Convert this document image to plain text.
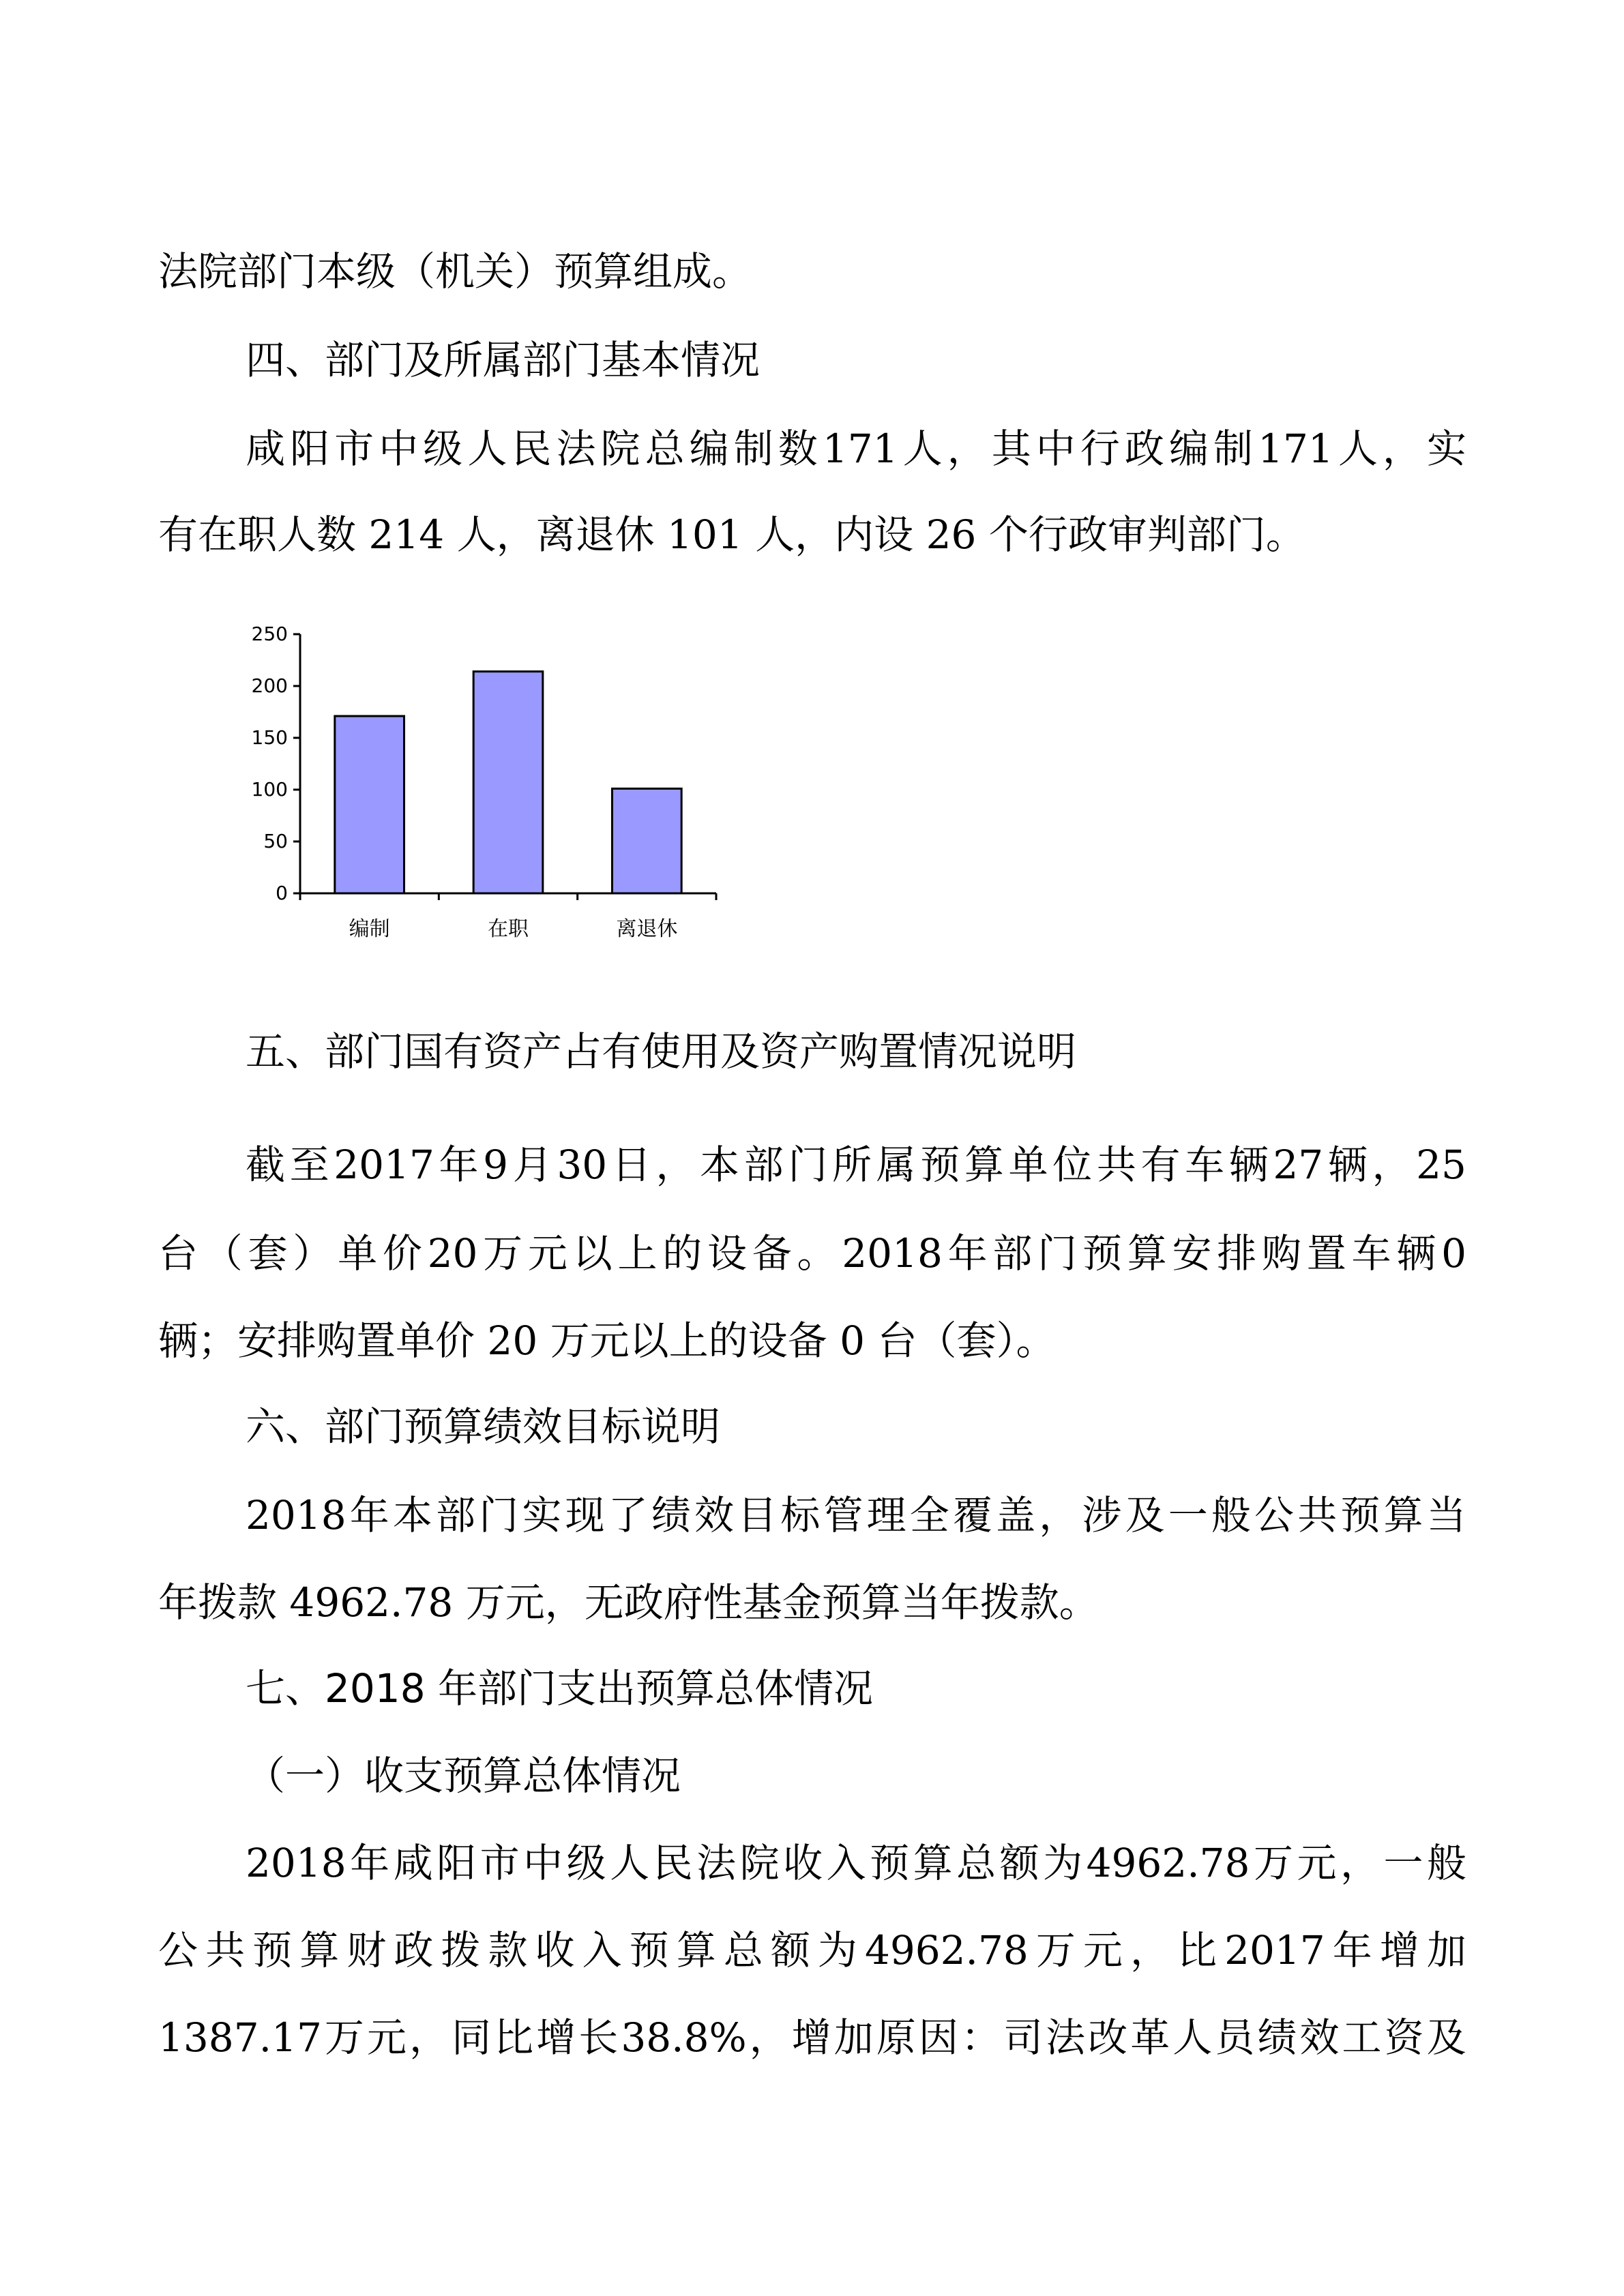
法院部门本级（机关）预算组成。
四、部门及所属部门基本情况
咸 阳 市 中 级 人 民 法 院 总 编 制 数 171 人 ， 其 中 行 政 编 制 171 人 ， 实
有在职人数 214 人，离退休 101 人，内设 26 个行政审判部门。
0
50
100
150
200
250
编制	在职	离退休
五、部门国有资产占有使用及资产购置情况说明
截 至 2017 年 9 月 30 日 ， 本 部 门 所 属 预 算 单 位 共 有 车 辆 27 辆 ， 25
台 （ 套 ） 单 价 20 万 元 以 上 的 设 备 。 2018 年 部 门 预 算 安 排 购 置 车 辆 0
辆；安排购置单价 20 万元以上的设备 0 台（套）。
六、部门预算绩效目标说明
2018 年 本 部 门 实 现 了 绩 效 目 标 管 理 全 覆 盖 ， 涉 及 一 般 公 共 预 算 当
年拨款 4962.78 万元，无政府性基金预算当年拨款。
七、2018 年部门支出预算总体情况
（一）收支预算总体情况
2018 年 咸 阳 市 中 级 人 民 法 院 收 入 预 算 总 额 为 4962.78 万 元 ， 一 般
公 共 预 算 财 政 拨 款 收 入 预 算 总 额 为 4962.78 万 元 ， 比 2017 年 增 加
1387.17 万 元 ， 同 比 增 长 38.8% ， 增 加 原 因 ： 司 法 改 革 人 员 绩 效 工 资 及
